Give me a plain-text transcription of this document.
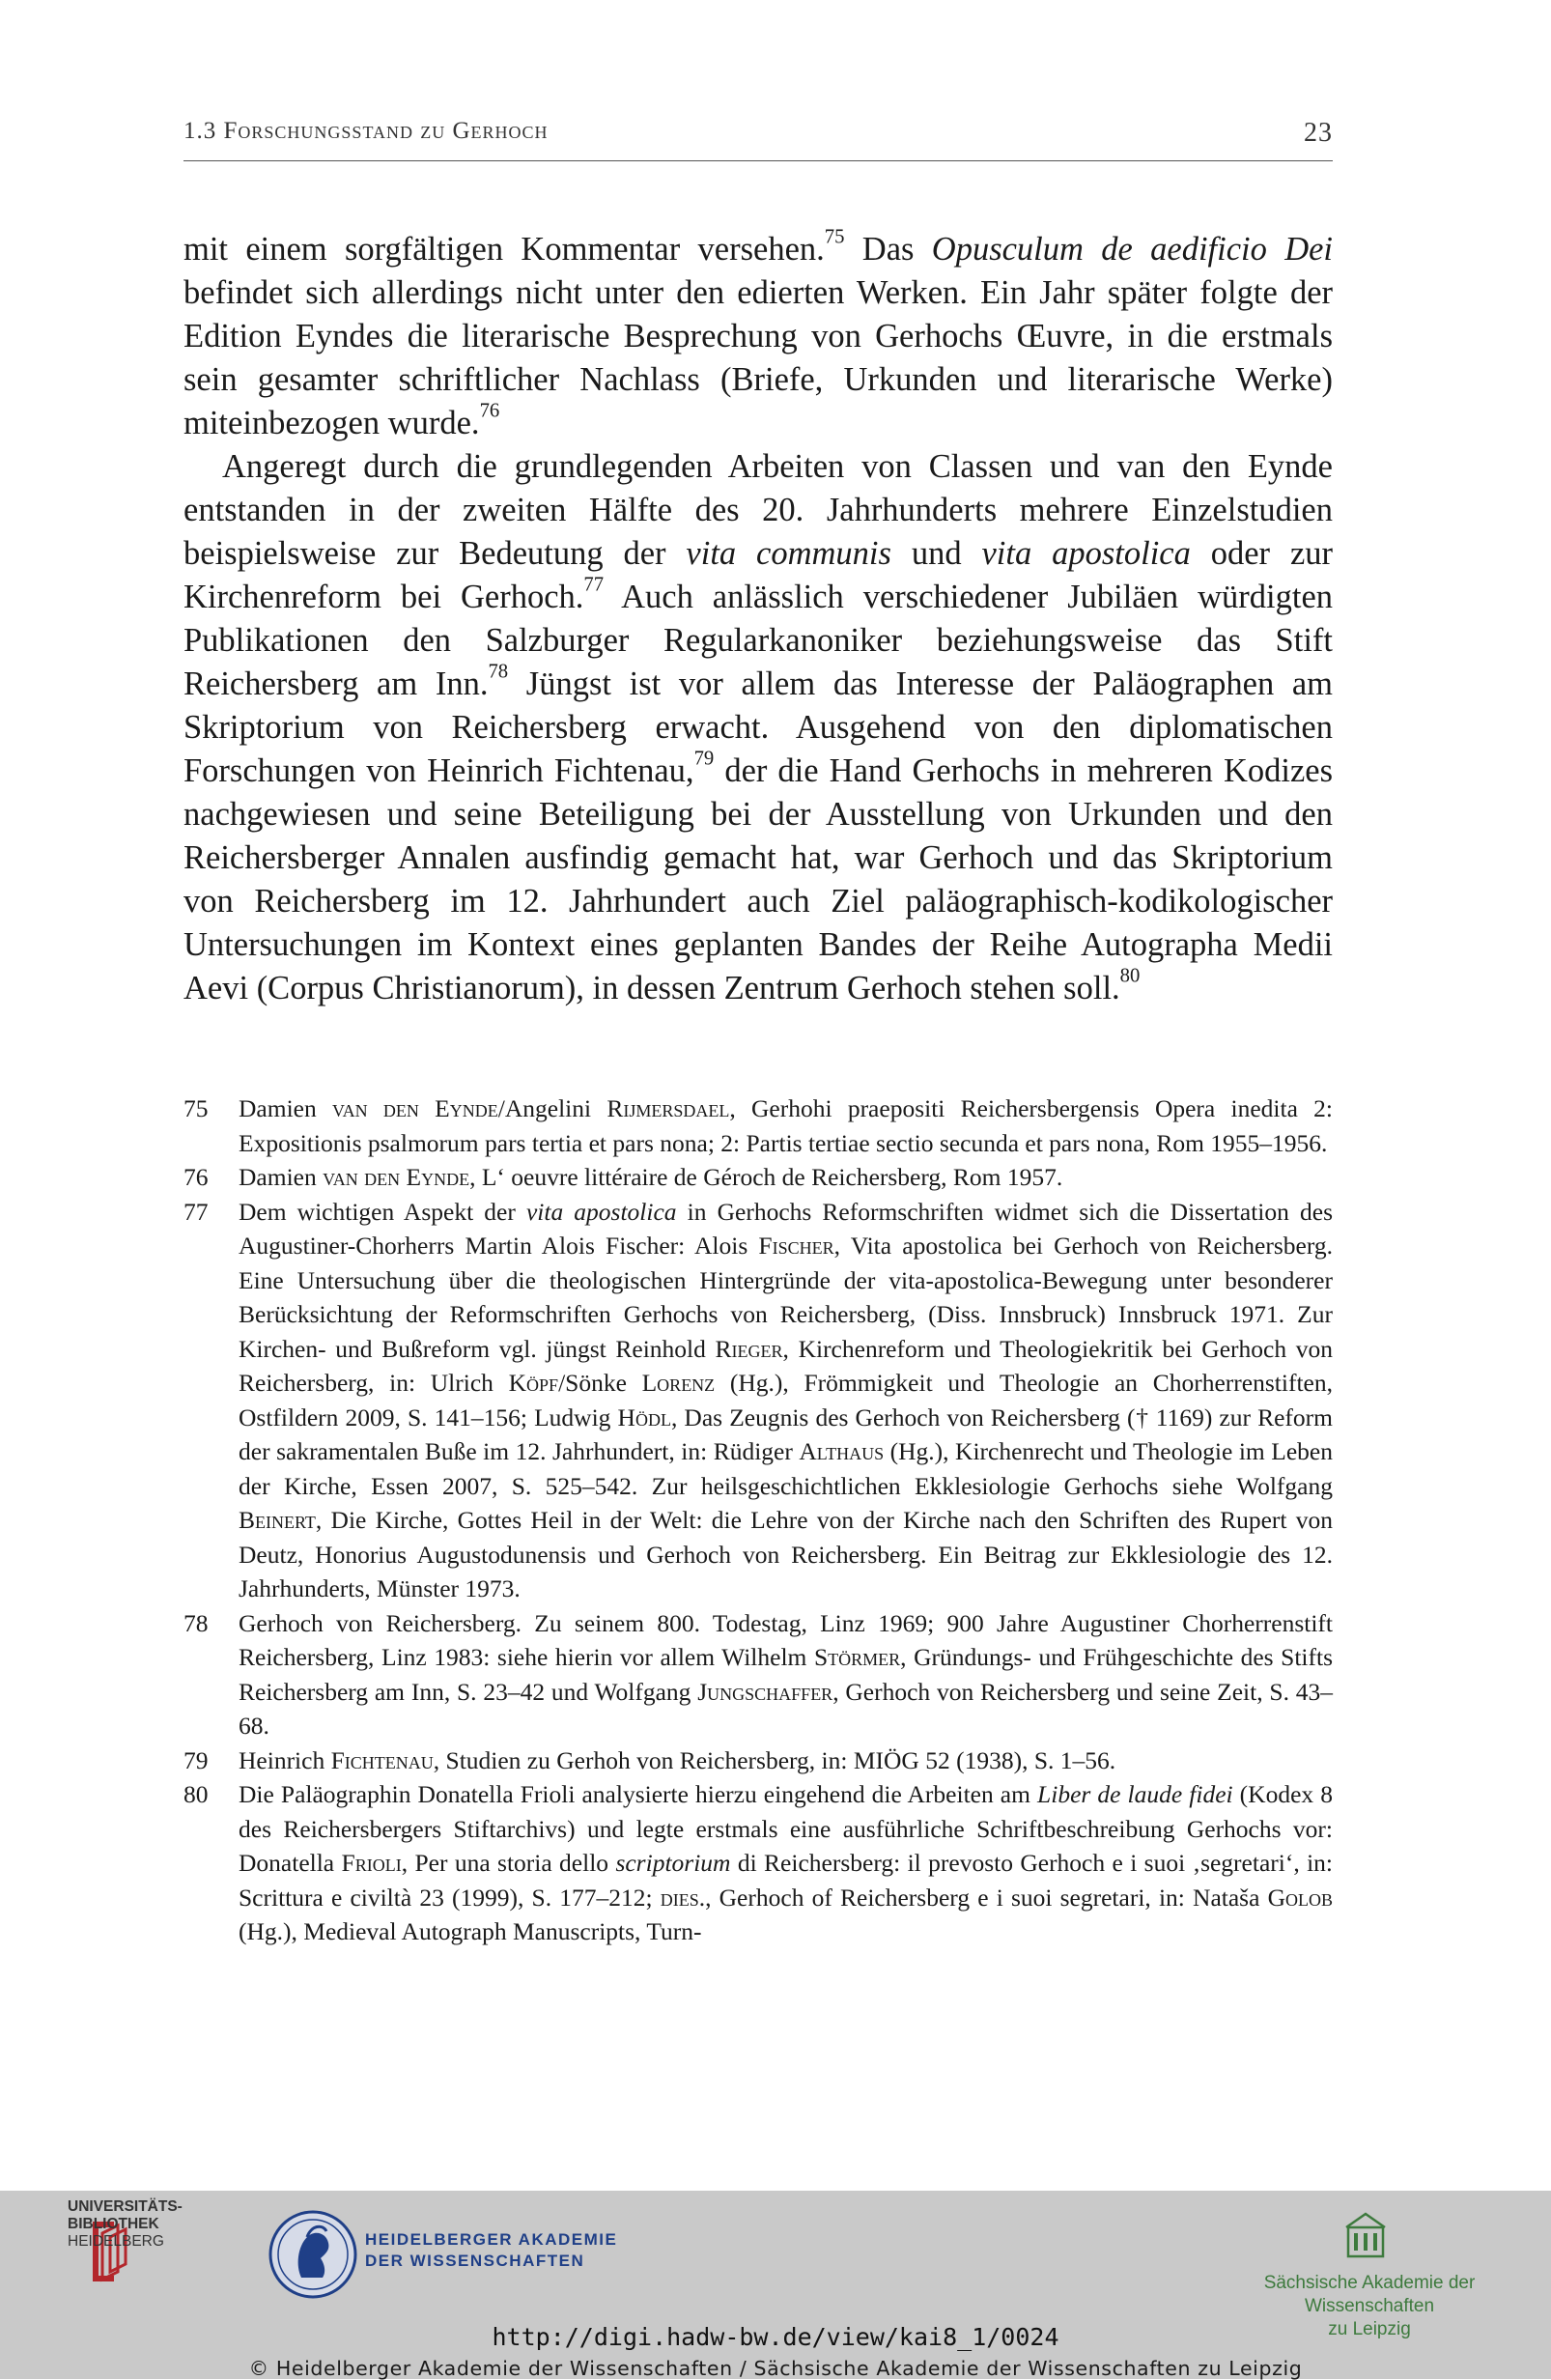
1.3 Forschungsstand zu Gerhoch	23

mit einem sorgfältigen Kommentar versehen.$^{75}$ Das Opusculum de aedificio Dei befindet sich allerdings nicht unter den edierten Werken. Ein Jahr später folgte der Edition Eyndes die literarische Besprechung von Gerhochs Œuvre, in die erstmals sein gesamter schriftlicher Nachlass (Briefe, Urkunden und literarische Werke) miteinbezogen wurde.$^{76}$

Angeregt durch die grundlegenden Arbeiten von Classen und van den Eynde entstanden in der zweiten Hälfte des 20. Jahrhunderts mehrere Einzelstudien beispielsweise zur Bedeutung der vita communis und vita apostolica oder zur Kirchenreform bei Gerhoch.$^{77}$ Auch anlässlich verschiedener Jubiläen würdigten Publikationen den Salzburger Regularkanoniker beziehungsweise das Stift Reichersberg am Inn.$^{78}$ Jüngst ist vor allem das Interesse der Paläographen am Skriptorium von Reichersberg erwacht. Ausgehend von den diplomatischen Forschungen von Heinrich Fichtenau,$^{79}$ der die Hand Gerhochs in mehreren Kodizes nachgewiesen und seine Beteiligung bei der Ausstellung von Urkunden und den Reichersberger Annalen ausfindig gemacht hat, war Gerhoch und das Skriptorium von Reichersberg im 12. Jahrhundert auch Ziel paläographisch-kodikologischer Untersuchungen im Kontext eines geplanten Bandes der Reihe Autographa Medii Aevi (Corpus Christianorum), in dessen Zentrum Gerhoch stehen soll.$^{80}$

75 Damien van den Eynde/Angelini Rijmersdael, Gerhohi praepositi Reichersbergensis Opera inedita 2: Expositionis psalmorum pars tertia et pars nona; 2: Partis tertiae sectio secunda et pars nona, Rom 1955–1956.
76 Damien van den Eynde, L‘ oeuvre littéraire de Géroch de Reichersberg, Rom 1957.
77 Dem wichtigen Aspekt der vita apostolica in Gerhochs Reformschriften widmet sich die Dissertation des Augustiner-Chorherrs Martin Alois Fischer: Alois Fischer, Vita apostolica bei Gerhoch von Reichersberg. Eine Untersuchung über die theologischen Hintergründe der vita-apostolica-Bewegung unter besonderer Berücksichtung der Reformschriften Gerhochs von Reichersberg, (Diss. Innsbruck) Innsbruck 1971. Zur Kirchen- und Bußreform vgl. jüngst Reinhold Rieger, Kirchenreform und Theologiekritik bei Gerhoch von Reichersberg, in: Ulrich Köpf/Sönke Lorenz (Hg.), Frömmigkeit und Theologie an Chorherrenstiften, Ostfildern 2009, S. 141–156; Ludwig Hödl, Das Zeugnis des Gerhoch von Reichersberg († 1169) zur Reform der sakramentalen Buße im 12. Jahrhundert, in: Rüdiger Althaus (Hg.), Kirchenrecht und Theologie im Leben der Kirche, Essen 2007, S. 525–542. Zur heilsgeschichtlichen Ekklesiologie Gerhochs siehe Wolfgang Beinert, Die Kirche, Gottes Heil in der Welt: die Lehre von der Kirche nach den Schriften des Rupert von Deutz, Honorius Augustodunensis und Gerhoch von Reichersberg. Ein Beitrag zur Ekklesiologie des 12. Jahrhunderts, Münster 1973.
78 Gerhoch von Reichersberg. Zu seinem 800. Todestag, Linz 1969; 900 Jahre Augustiner Chorherrenstift Reichersberg, Linz 1983: siehe hierin vor allem Wilhelm Störmer, Gründungs- und Frühgeschichte des Stifts Reichersberg am Inn, S. 23–42 und Wolfgang Jungschaffer, Gerhoch von Reichersberg und seine Zeit, S. 43–68.
79 Heinrich Fichtenau, Studien zu Gerhoh von Reichersberg, in: MIÖG 52 (1938), S. 1–56.
80 Die Paläographin Donatella Frioli analysierte hierzu eingehend die Arbeiten am Liber de laude fidei (Kodex 8 des Reichersbergers Stiftarchivs) und legte erstmals eine ausführliche Schriftbeschreibung Gerhochs vor: Donatella Frioli, Per una storia dello scriptorium di Reichersberg: il prevosto Gerhoch e i suoi ‚segretari‘, in: Scrittura e civiltà 23 (1999), S. 177–212; dies., Gerhoch of Reichersberg e i suoi segretari, in: Nataša Golob (Hg.), Medieval Autograph Manuscripts, Turn-
UNIVERSITÄTS-
BIBLIOTHEK
HEIDELBERG	HEIDELBERGER AKADEMIE
DER WISSENSCHAFTEN
Sächsische Akademie der Wissenschaften
zu Leipzig
http://digi.hadw-bw.de/view/kai8_1/0024
© Heidelberger Akademie der Wissenschaften / Sächsische Akademie der Wissenschaften zu Leipzig
